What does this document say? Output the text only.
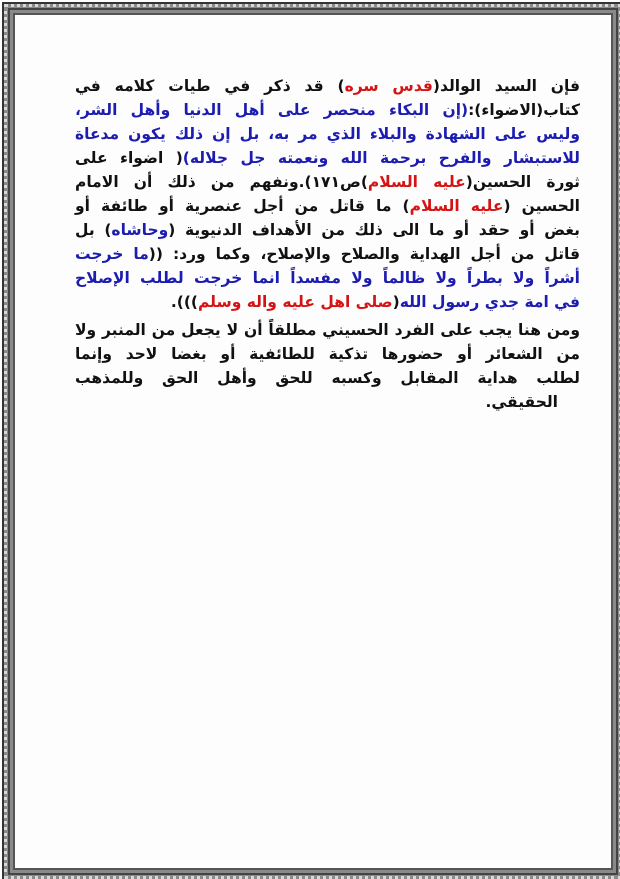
فإن السيد الوالد(قدس سره) قد ذكر في طيات كلامه في
كتاب(الاضواء):(إن البكاء منحصر على أهل الدنيا وأهل الشر،
وليس على الشهادة والبلاء الذي مر به، بل إن ذلك يكون مدعاة
للاستبشار والفرح برحمة الله ونعمته جل جلاله)( اضواء على
ثورة الحسين(عليه السلام)ص١٧١).ونفهم من ذلك أن الامام
الحسين (عليه السلام) ما قاتل من أجل عنصرية أو طائفة أو
بغض أو حقد أو ما الى ذلك من الأهداف الدنيوية (وحاشاه) بل
قاتل من أجل الهداية والصلاح والإصلاح، وكما ورد: ((ما خرجت
أشراً ولا بطراً ولا ظالماً ولا مفسداً انما خرجت لطلب الإصلاح
في امة جدي رسول الله(صلى اهل عليه واله وسلم))).
ومن هنا يجب على الفرد الحسيني مطلقاً أن لا يجعل من المنبر ولا
من الشعائر أو حضورها تذكية للطائفية أو بغضا لاحد وإنما
لطلب هداية المقابل وكسبه للحق وأهل الحق وللمذهب
الحقيقي.
